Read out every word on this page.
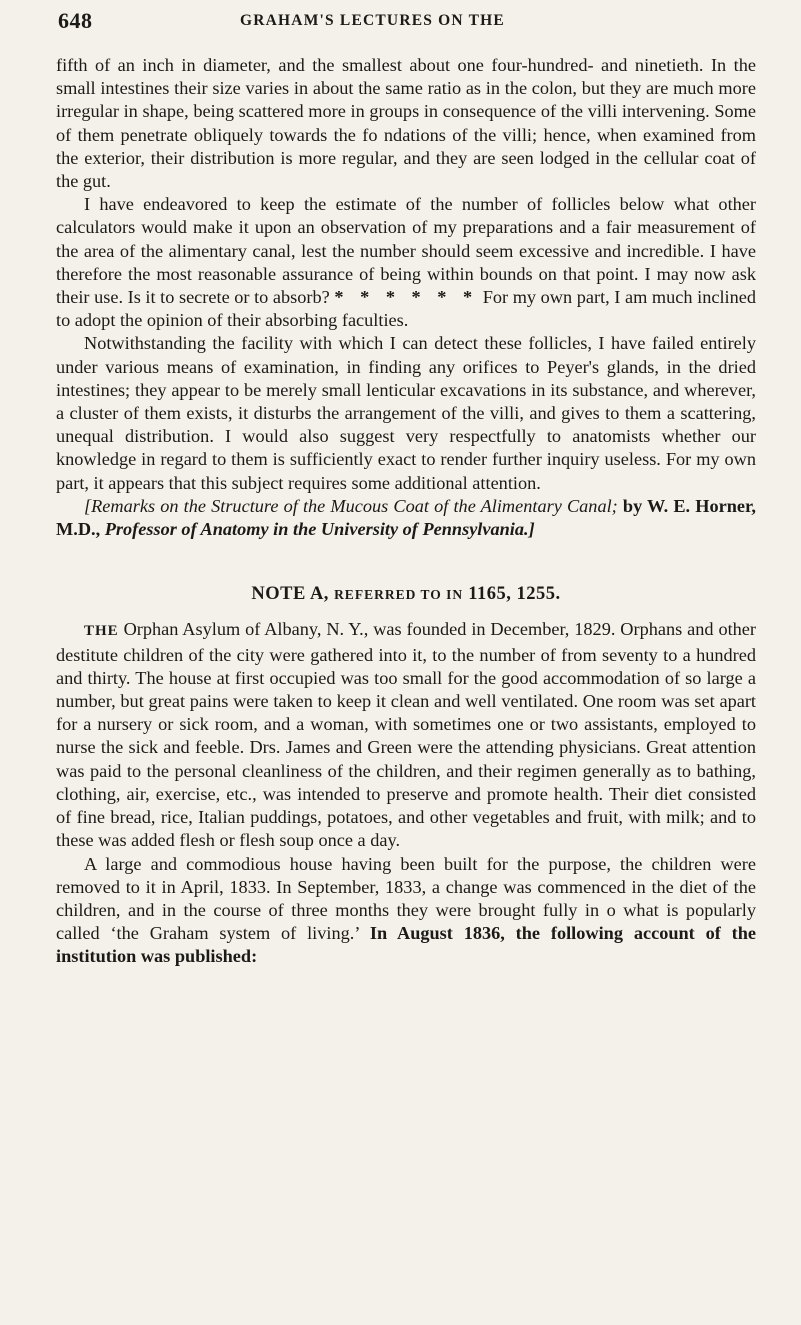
648	GRAHAM'S LECTURES ON THE

fifth of an inch in diameter, and the smallest about one four-hundred- and ninetieth. In the small intestines their size varies in about the same ratio as in the colon, but they are much more irregular in shape, being scattered more in groups in consequence of the villi intervening. Some of them penetrate obliquely towards the fo ndations of the villi; hence, when examined from the exterior, their distribution is more regular, and they are seen lodged in the cellular coat of the gut.

I have endeavored to keep the estimate of the number of follicles below what other calculators would make it upon an observation of my preparations and a fair measurement of the area of the alimentary canal, lest the number should seem excessive and incredible. I have therefore the most reasonable assurance of being within bounds on that point. I may now ask their use. Is it to secrete or to absorb? * * * * * * For my own part, I am much inclined to adopt the opinion of their absorbing faculties.

Notwithstanding the facility with which I can detect these follicles, I have failed entirely under various means of examination, in finding any orifices to Peyer's glands, in the dried intestines; they appear to be merely small lenticular excavations in its substance, and wherever, a cluster of them exists, it disturbs the arrangement of the villi, and gives to them a scattering, unequal distribution. I would also suggest very respectfully to anatomists whether our knowledge in regard to them is sufficiently exact to render further inquiry useless. For my own part, it appears that this subject requires some additional attention.

[Remarks on the Structure of the Mucous Coat of the Alimentary Canal; by W. E. Horner, M.D., Professor of Anatomy in the University of Pennsylvania.]

NOTE A, REFERRED TO IN 1165, 1255.

THE Orphan Asylum of Albany, N. Y., was founded in December, 1829. Orphans and other destitute children of the city were gathered into it, to the number of from seventy to a hundred and thirty. The house at first occupied was too small for the good accommodation of so large a number, but great pains were taken to keep it clean and well ventilated. One room was set apart for a nursery or sick room, and a woman, with sometimes one or two assistants, employed to nurse the sick and feeble. Drs. James and Green were the attending physicians. Great attention was paid to the personal cleanliness of the children, and their regimen generally as to bathing, clothing, air, exercise, etc., was intended to preserve and promote health. Their diet consisted of fine bread, rice, Italian puddings, potatoes, and other vegetables and fruit, with milk; and to these was added flesh or flesh soup once a day.

A large and commodious house having been built for the purpose, the children were removed to it in April, 1833. In September, 1833, a change was commenced in the diet of the children, and in the course of three months they were brought fully in o what is popularly called ‘the Graham system of living.’ In August 1836, the following account of the institution was published:
